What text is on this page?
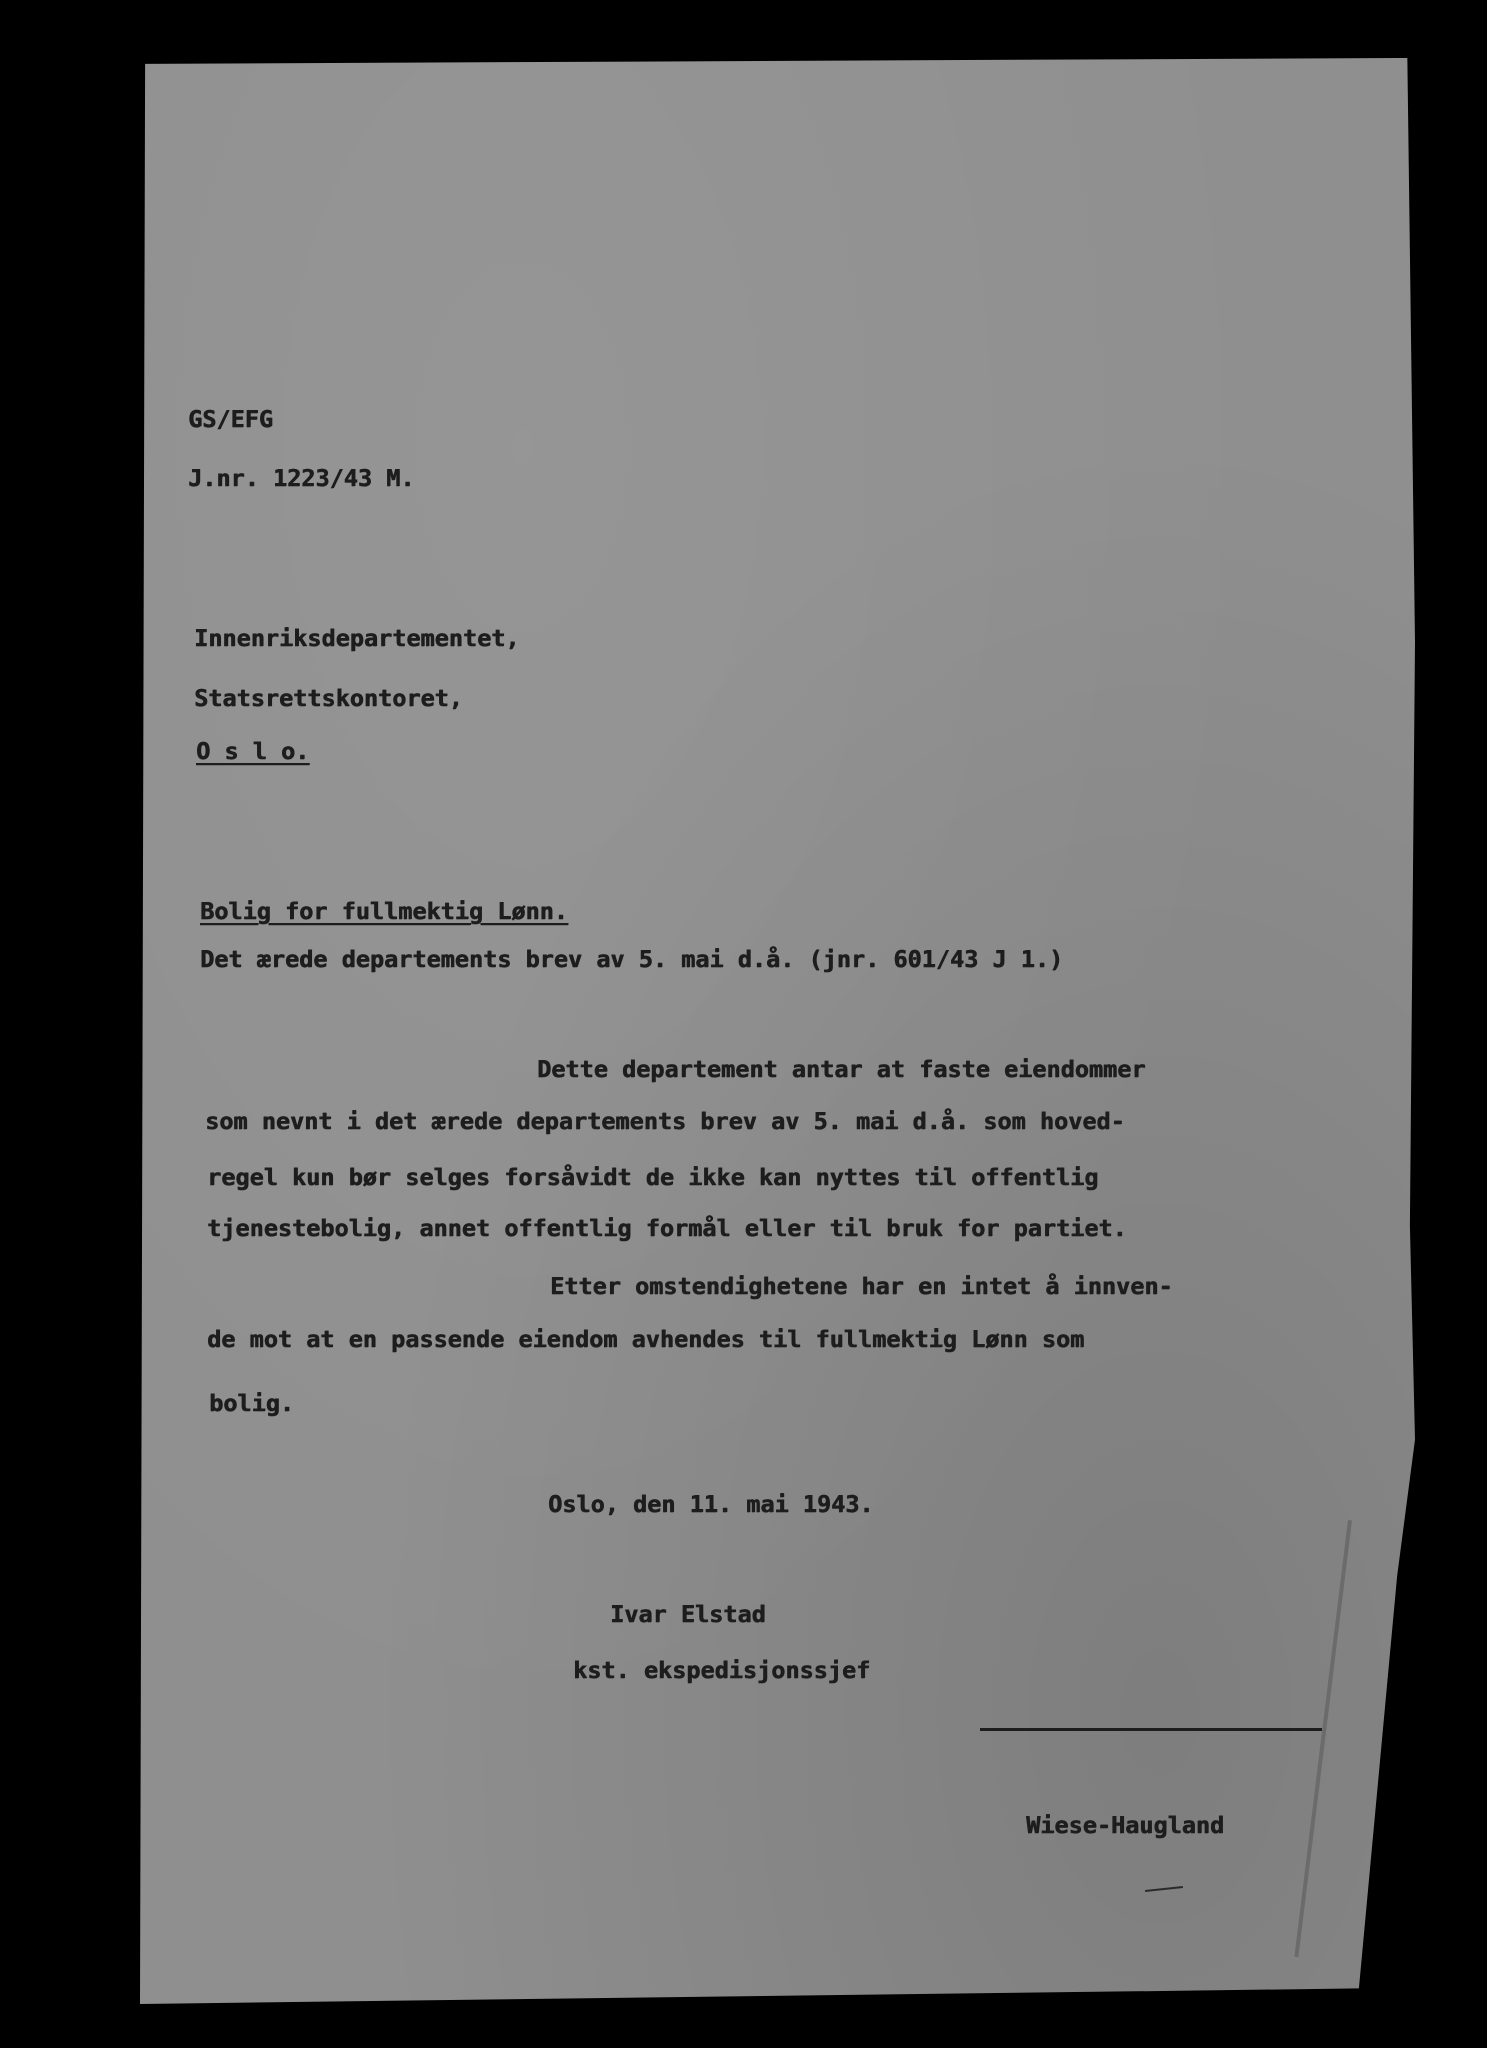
GS/EFG

J.nr. 1223/43 M.

Innenriksdepartementet,

Statsrettskontoret,

O s l o.

Bolig for fullmektig Lønn.

Det ærede departements brev av 5. mai d.å. (jnr. 601/43 J 1.)

Dette departement antar at faste eiendommer

som nevnt i det ærede departements brev av 5. mai d.å. som hoved-

regel kun bør selges forsåvidt de ikke kan nyttes til offentlig

tjenestebolig, annet offentlig formål eller til bruk for partiet.

Etter omstendighetene har en intet å innven-

de mot at en passende eiendom avhendes til fullmektig Lønn som

bolig.

Oslo, den 11. mai 1943.

Ivar Elstad

kst. ekspedisjonssjef

Wiese-Haugland
